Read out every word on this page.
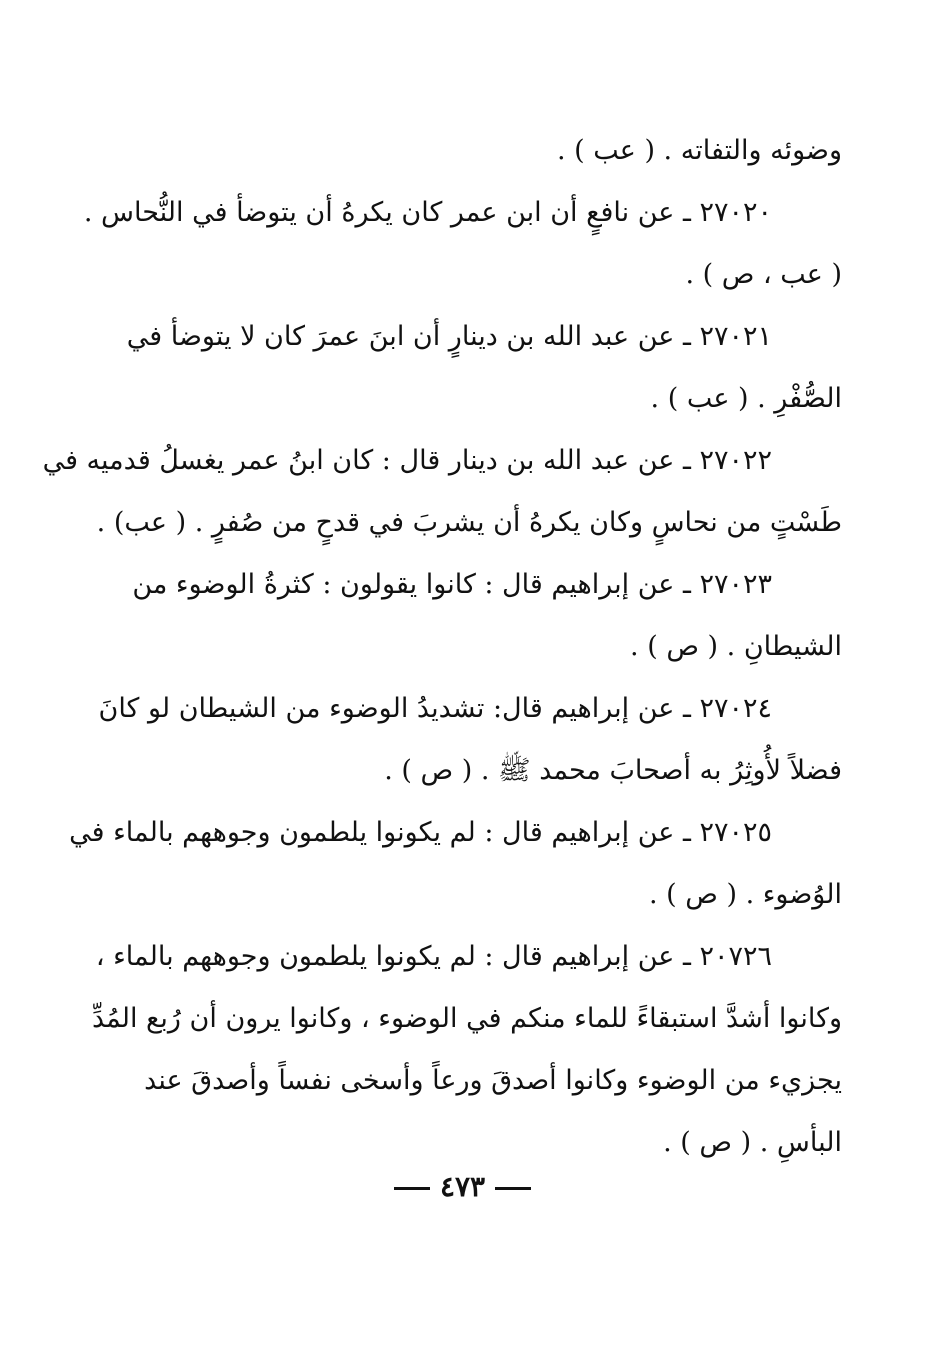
وضوئه والتفاته . ( عب ) .
٢٧٠٢٠ ـ عن نافعٍ أن ابن عمر كان يكرهُ أن يتوضأ في النُّحاس .
( عب ، ص ) .
٢٧٠٢١ ـ عن عبد الله بن دينارٍ أن ابنَ عمرَ كان لا يتوضأ في
الصُّفْرِ . ( عب ) .
٢٧٠٢٢ ـ عن عبد الله بن دينار قال : كان ابنُ عمر يغسلُ قدميه في
طَسْتٍ من نحاسٍ وكان يكرهُ أن يشربَ في قدحٍ من صُفرٍ . ( عب) .
٢٧٠٢٣ ـ عن إبراهيم قال : كانوا يقولون : كثرةُ الوضوء من
الشيطانِ . ( ص ) .
٢٧٠٢٤ ـ عن إبراهيم قال: تشديدُ الوضوء من الشيطان لو كانَ
فضلاً لأُوثِرُ به أصحابَ محمد ﷺ . ( ص ) .
٢٧٠٢٥ ـ عن إبراهيم قال : لم يكونوا يلطمون وجوههم بالماء في
الوُضوء . ( ص ) .
٢٠٧٢٦ ـ عن إبراهيم قال : لم يكونوا يلطمون وجوههم بالماء ،
وكانوا أشدَّ استبقاءً للماء منكم في الوضوء ، وكانوا يرون أن رُبع المُدِّ
يجزيء من الوضوء وكانوا أصدقَ ورعاً وأسخى نفساً وأصدقَ عند
البأسِ . ( ص ) .
٤٧٣
